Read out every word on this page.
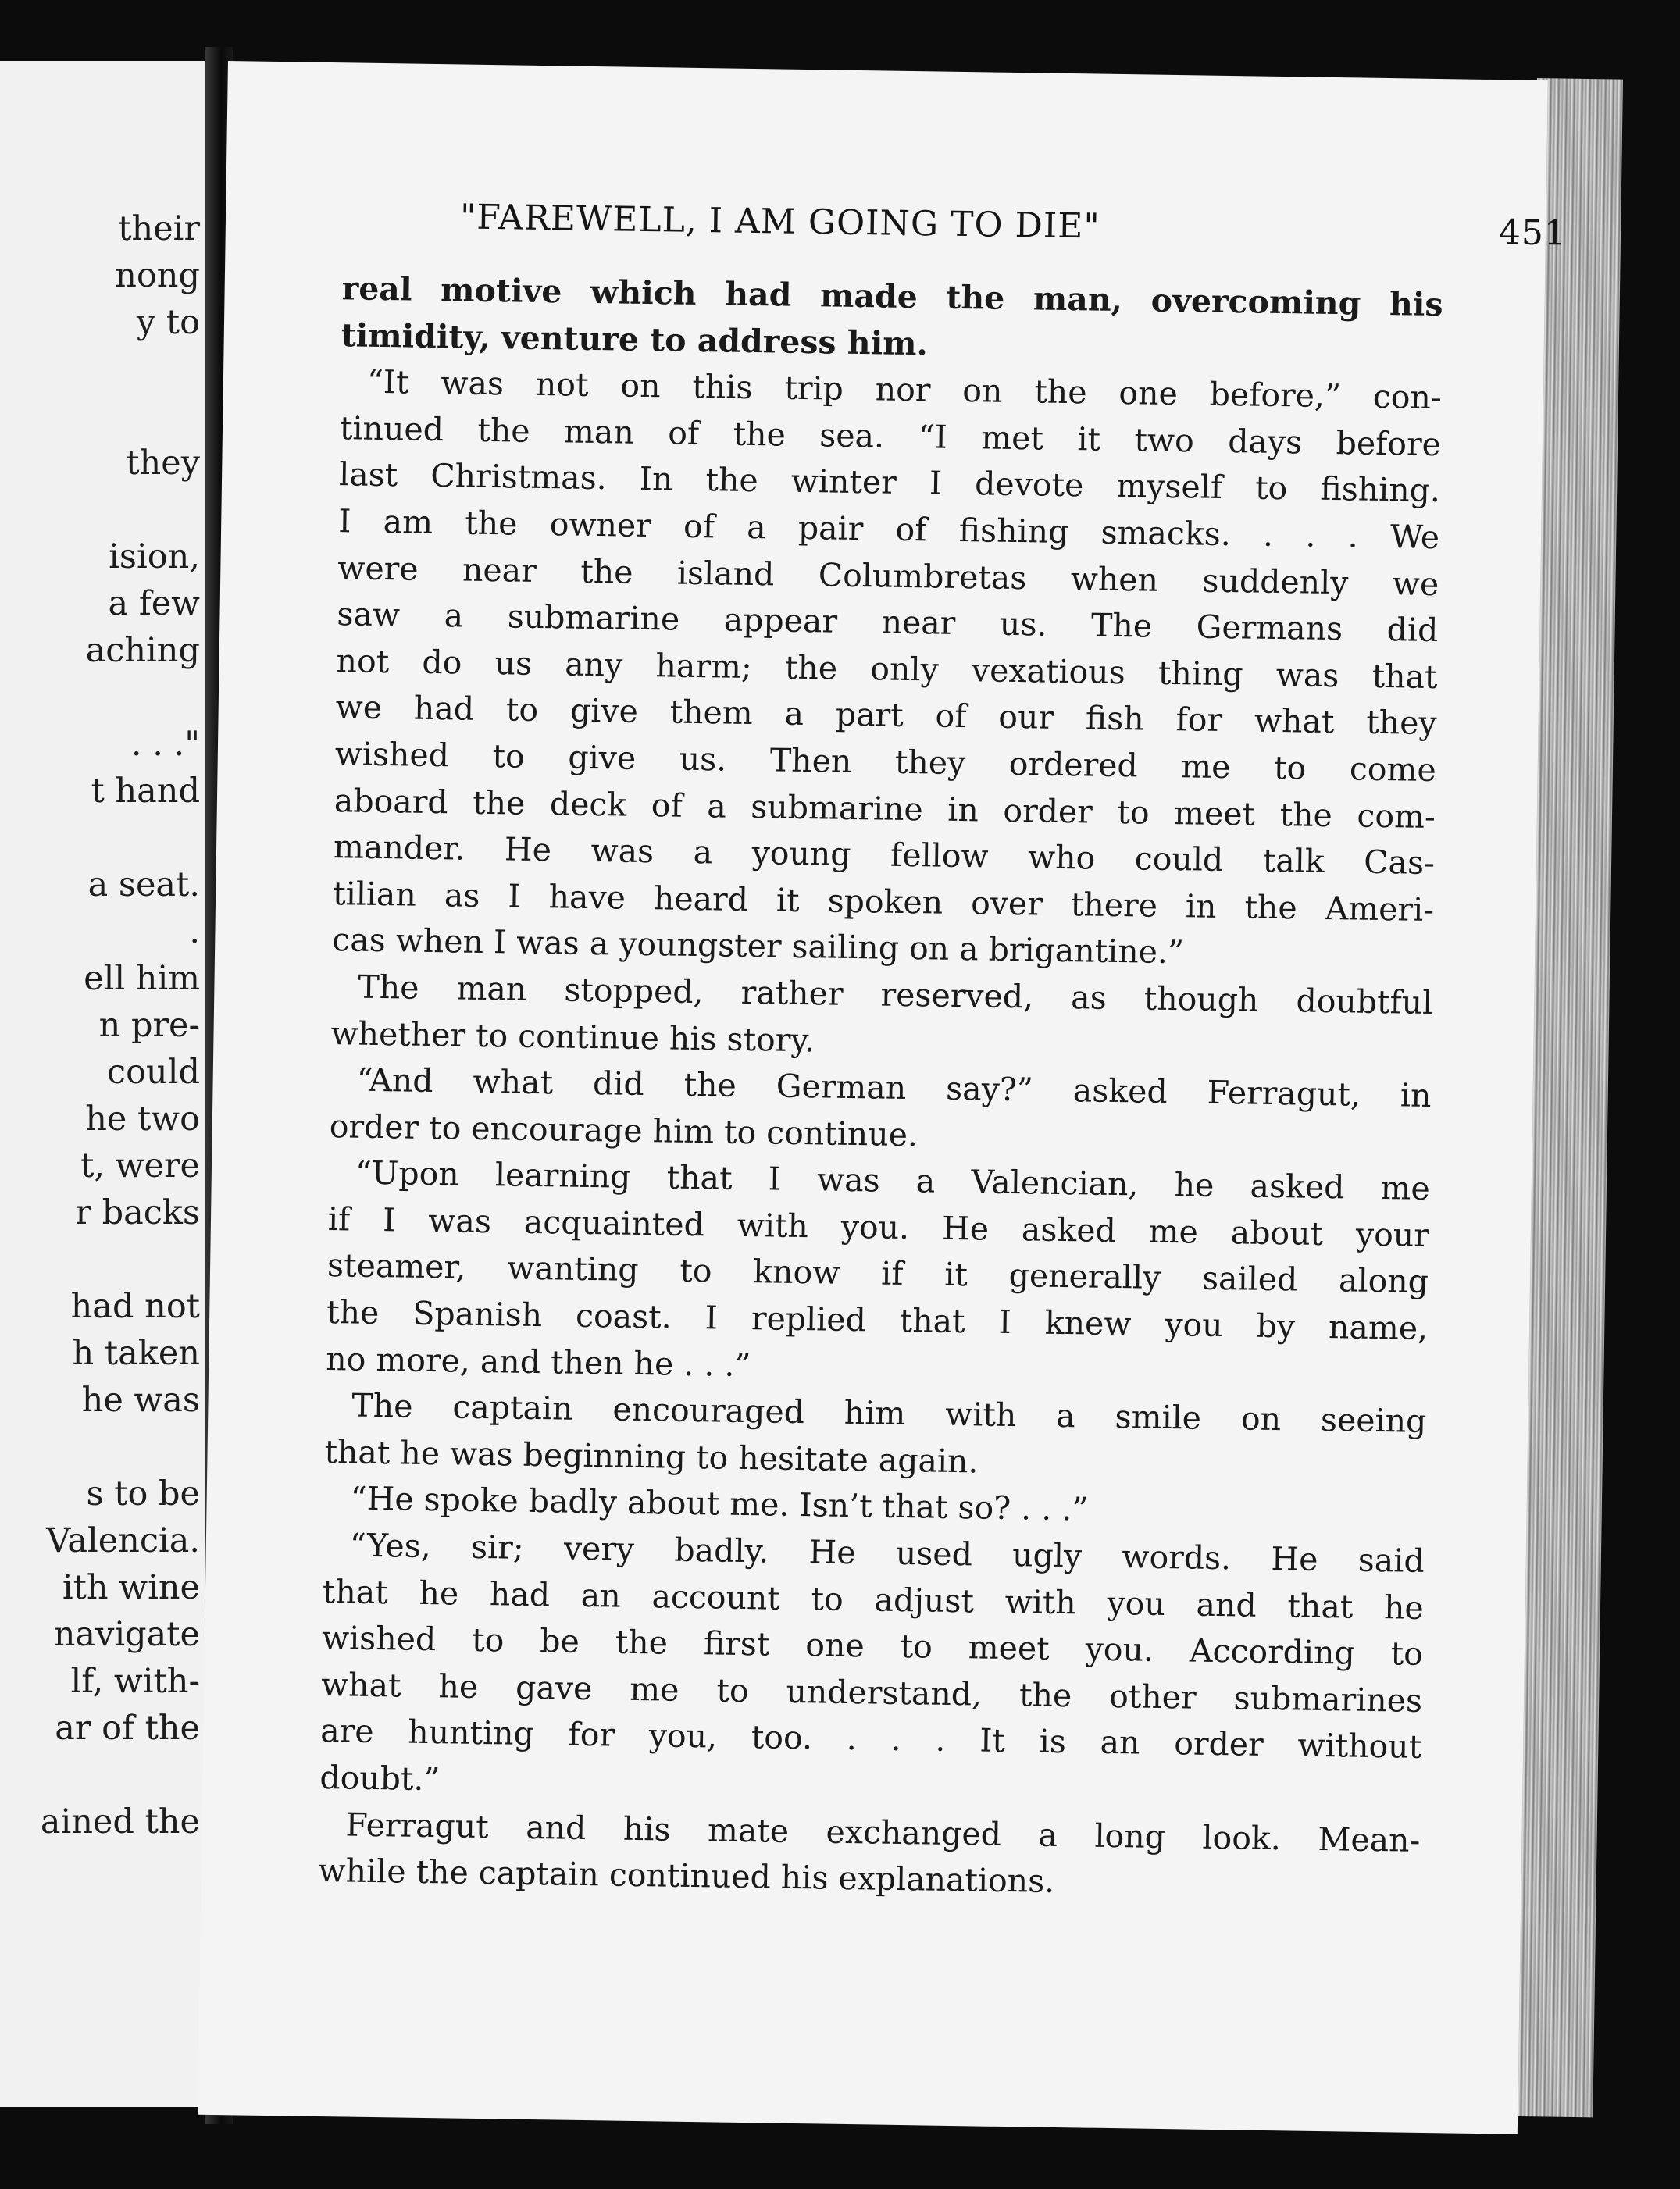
their

nong

y to

they

ision,

a few

aching

. . ."

t hand

a seat.

.

ell him

n pre-

could

he two

t, were

r backs

had not

h taken

he was

s to be

Valencia.

ith wine

navigate

lf, with-

ar of the

ained the

"FAREWELL, I AM GOING TO DIE"	451

real motive which had made the man, overcoming his

timidity, venture to address him.

“It was not on this trip nor on the one before,” con-

tinued the man of the sea. “I met it two days before

last Christmas. In the winter I devote myself to fishing.

I am the owner of a pair of fishing smacks. . . . We

were near the island Columbretas when suddenly we

saw a submarine appear near us. The Germans did

not do us any harm; the only vexatious thing was that

we had to give them a part of our fish for what they

wished to give us. Then they ordered me to come

aboard the deck of a submarine in order to meet the com-

mander. He was a young fellow who could talk Cas-

tilian as I have heard it spoken over there in the Ameri-

cas when I was a youngster sailing on a brigantine.”

The man stopped, rather reserved, as though doubtful

whether to continue his story.

“And what did the German say?” asked Ferragut, in

order to encourage him to continue.

“Upon learning that I was a Valencian, he asked me

if I was acquainted with you. He asked me about your

steamer, wanting to know if it generally sailed along

the Spanish coast. I replied that I knew you by name,

no more, and then he . . .”

The captain encouraged him with a smile on seeing

that he was beginning to hesitate again.

“He spoke badly about me. Isn’t that so? . . .”

“Yes, sir; very badly. He used ugly words. He said

that he had an account to adjust with you and that he

wished to be the first one to meet you. According to

what he gave me to understand, the other submarines

are hunting for you, too. . . . It is an order without

doubt.”

Ferragut and his mate exchanged a long look. Mean-

while the captain continued his explanations.
